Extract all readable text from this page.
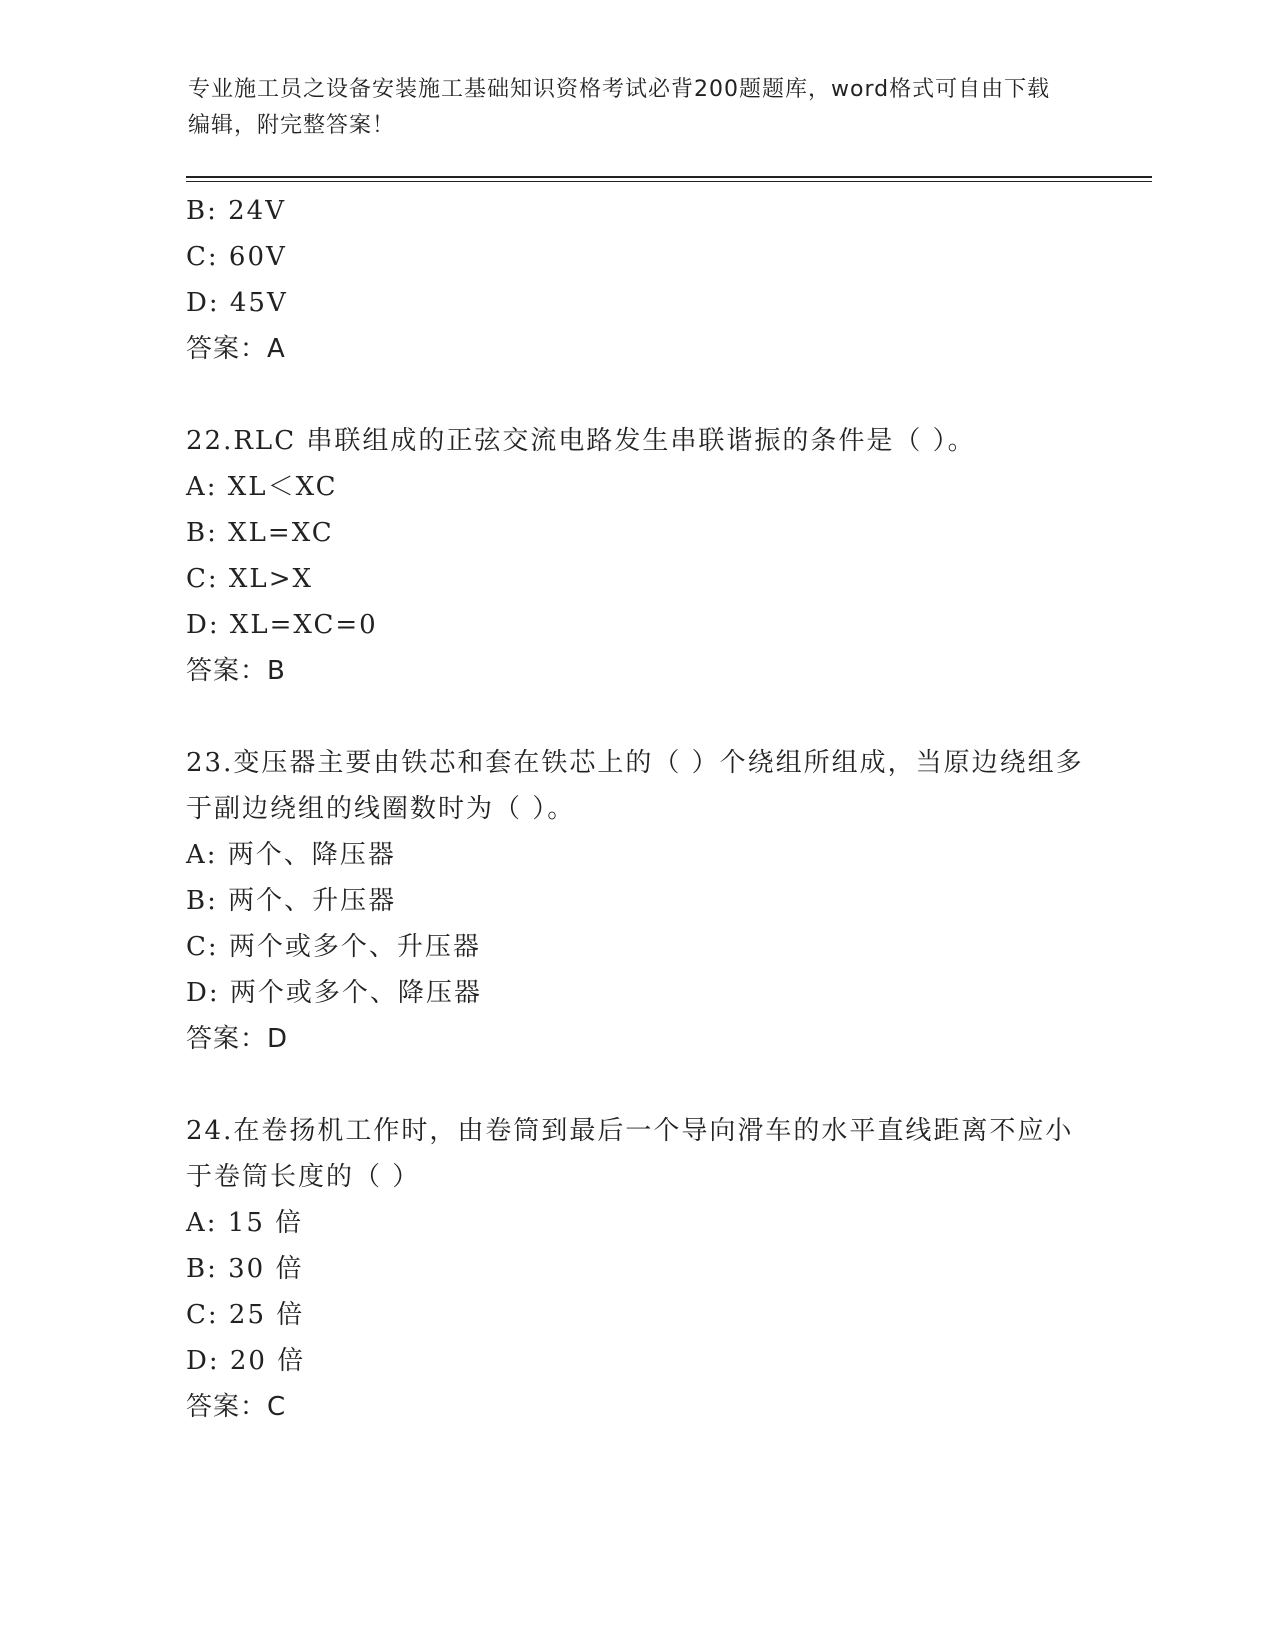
专业施工员之设备安装施工基础知识资格考试必背200题题库，word格式可自由下载编辑，附完整答案！
B: 24V
C: 60V
D: 45V
答案：A
22.RLC 串联组成的正弦交流电路发生串联谐振的条件是（ ）。
A: XL＜XC
B: XL=XC
C: XL>X
D: XL=XC=0
答案：B
23.变压器主要由铁芯和套在铁芯上的（ ）个绕组所组成，当原边绕组多于副边绕组的线圈数时为（ ）。
A: 两个、降压器
B: 两个、升压器
C: 两个或多个、升压器
D: 两个或多个、降压器
答案：D
24.在卷扬机工作时，由卷筒到最后一个导向滑车的水平直线距离不应小于卷筒长度的（ ）
A: 15 倍
B: 30 倍
C: 25 倍
D: 20 倍
答案：C
